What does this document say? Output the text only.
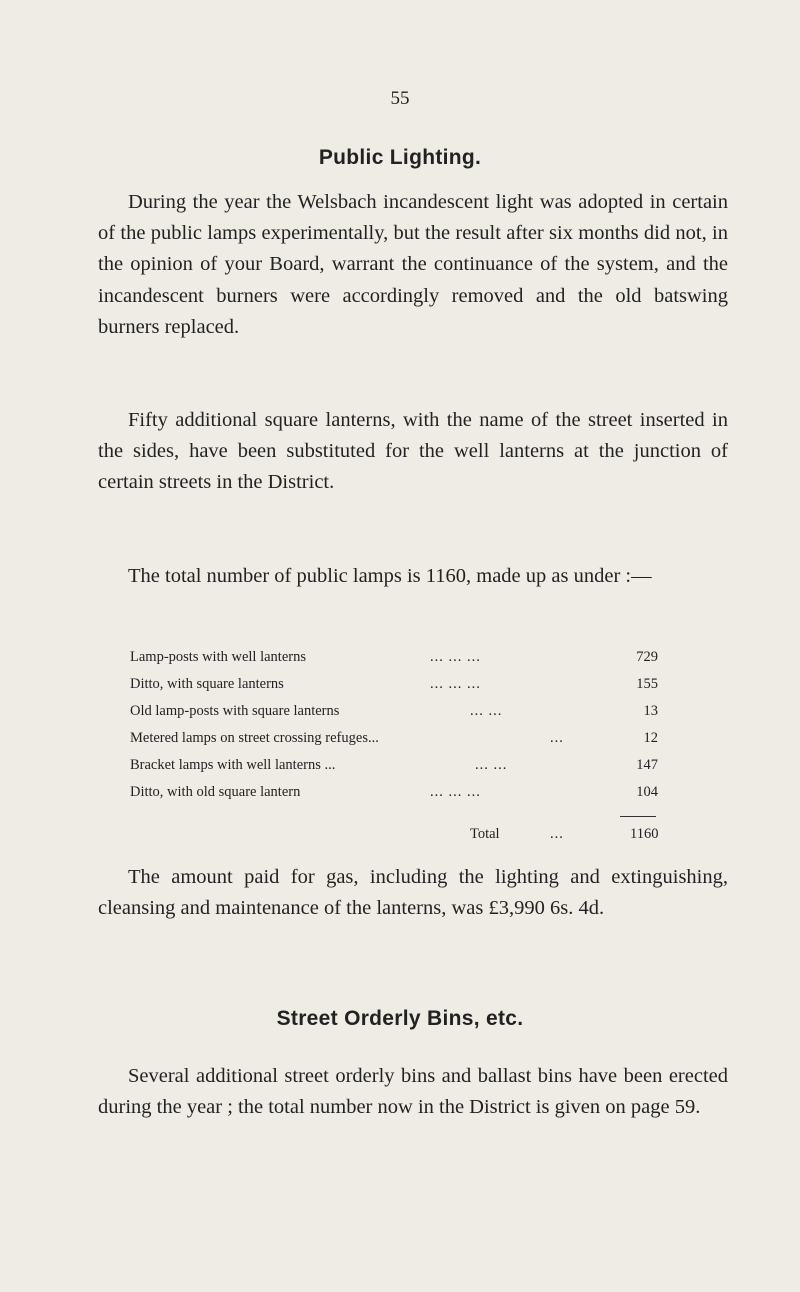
55
Public Lighting.

During the year the Welsbach incandescent light was adopted in certain of the public lamps experimentally, but the result after six months did not, in the opinion of your Board, warrant the continuance of the system, and the incandescent burners were accordingly removed and the old batswing burners replaced.

Fifty additional square lanterns, with the name of the street inserted in the sides, have been substituted for the well lanterns at the junction of certain streets in the District.

The total number of public lamps is 1160, made up as under :—

Lamp-posts with well lanterns	... ... ...	729
Ditto, with square lanterns	... ... ...	155
Old lamp-posts with square lanterns	... ...	13
Metered lamps on street crossing refuges...	...	12
Bracket lamps with well lanterns ...	... ...	147
Ditto, with old square lantern	... ... ...	104
Total	...	1160

The amount paid for gas, including the lighting and extinguishing, cleansing and maintenance of the lanterns, was £3,990 6s. 4d.

Street Orderly Bins, etc.

Several additional street orderly bins and ballast bins have been erected during the year ; the total number now in the District is given on page 59.
